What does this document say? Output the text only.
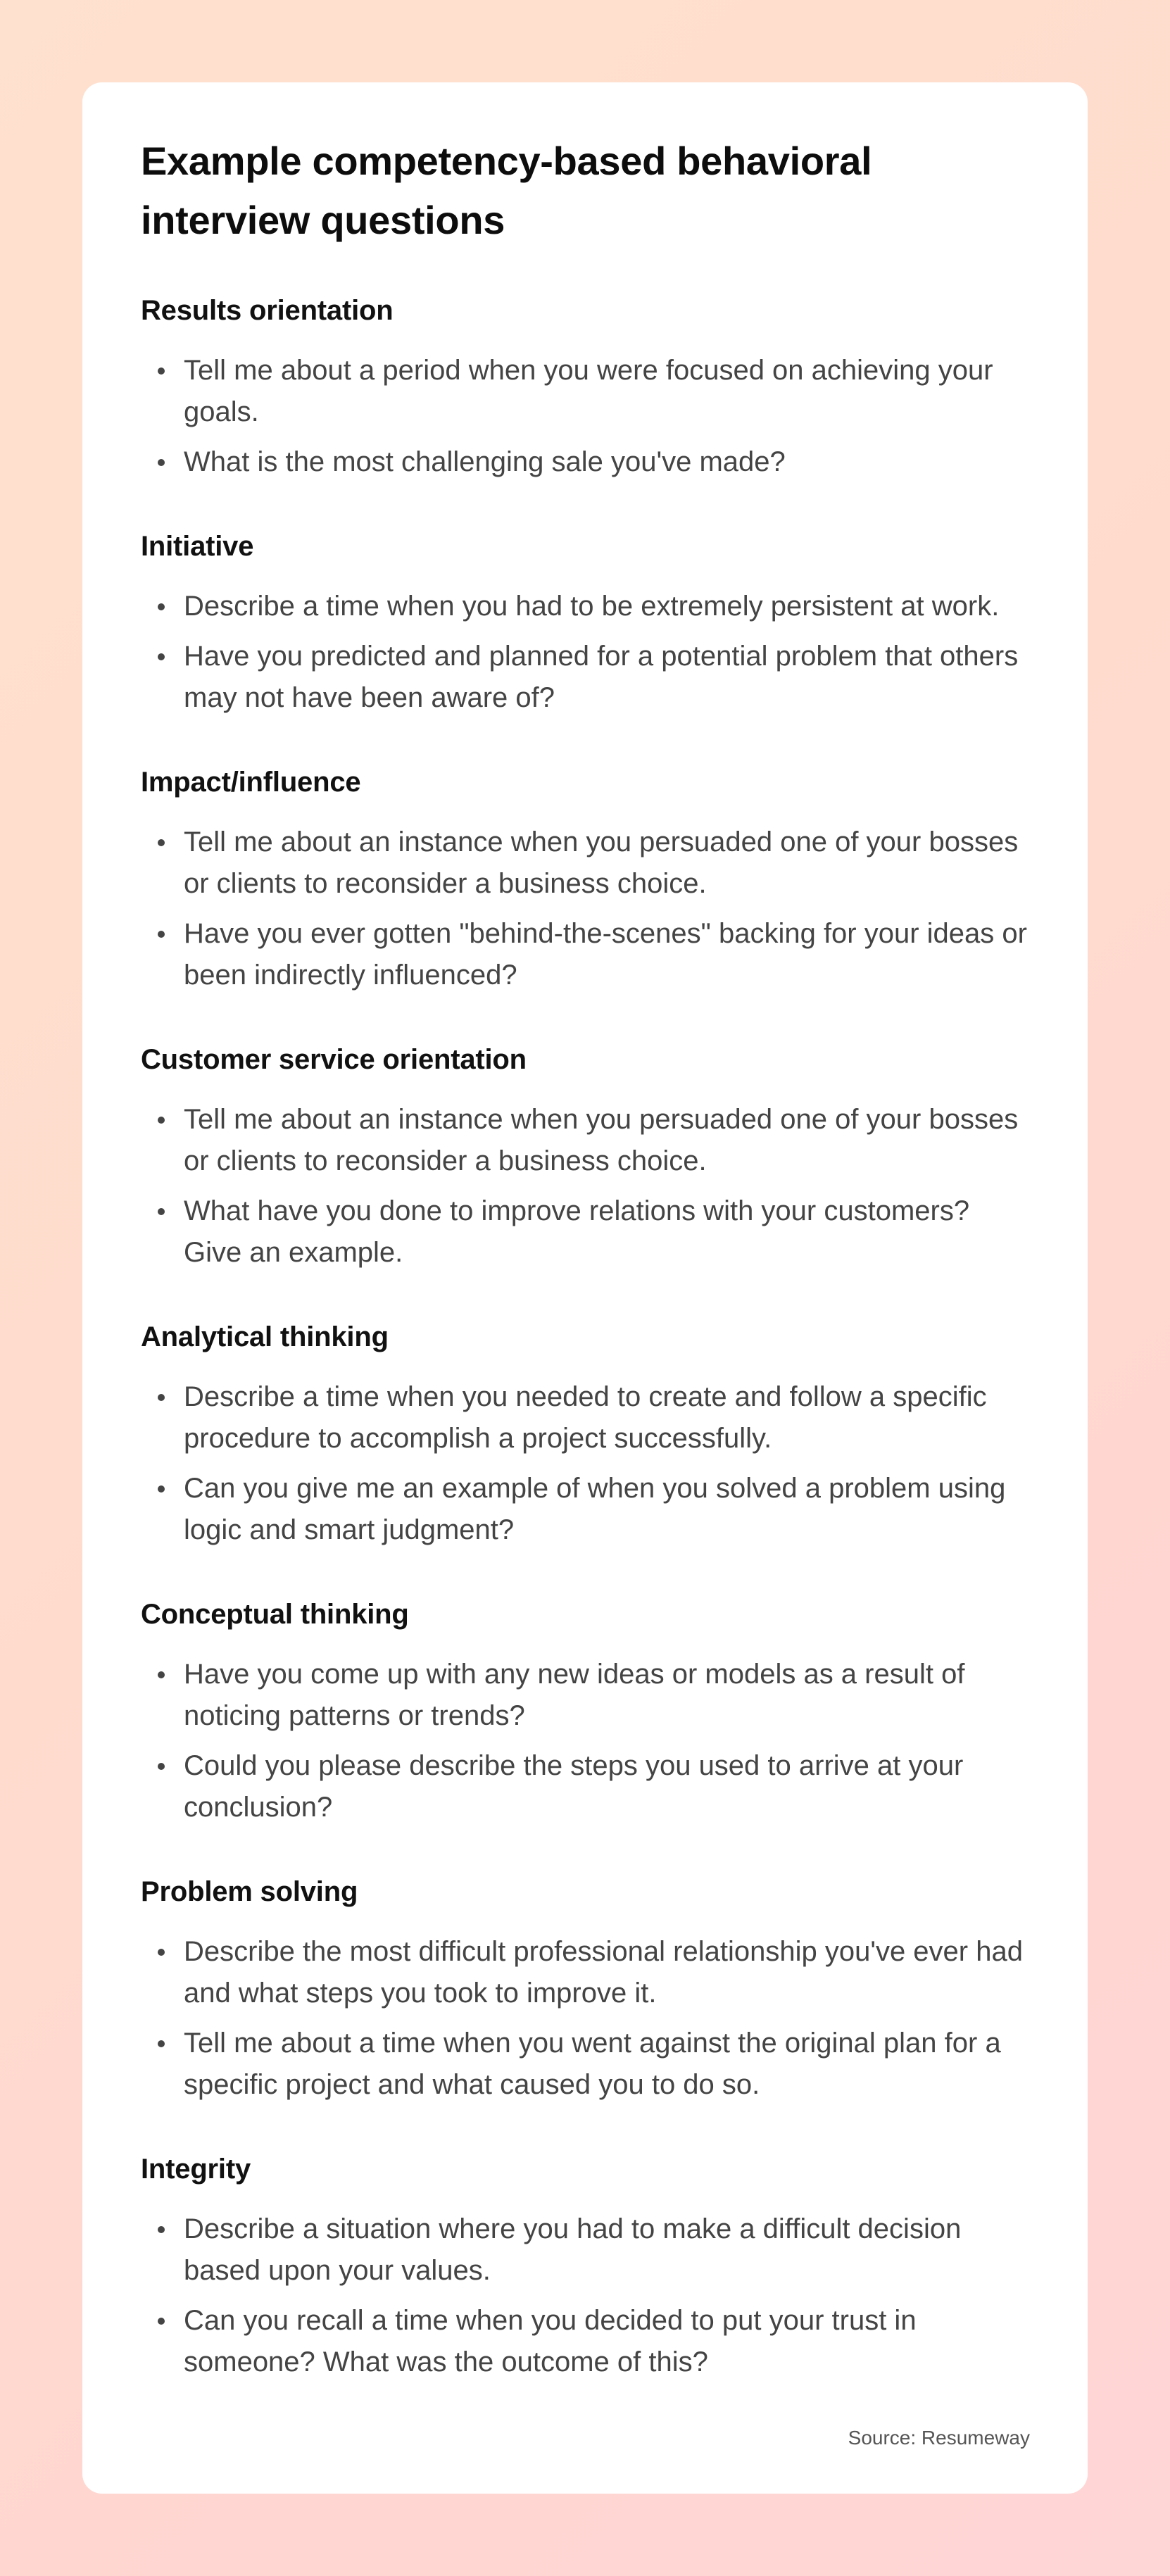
Example competency-based behavioral interview questions
Results orientation
Tell me about a period when you were focused on achieving your goals.
What is the most challenging sale you've made?
Initiative
Describe a time when you had to be extremely persistent at work.
Have you predicted and planned for a potential problem that others may not have been aware of?
Impact/influence
Tell me about an instance when you persuaded one of your bosses or clients to reconsider a business choice.
Have you ever gotten "behind-the-scenes" backing for your ideas or been indirectly influenced?
Customer service orientation
Tell me about an instance when you persuaded one of your bosses or clients to reconsider a business choice.
What have you done to improve relations with your customers? Give an example.
Analytical thinking
Describe a time when you needed to create and follow a specific procedure to accomplish a project successfully.
Can you give me an example of when you solved a problem using logic and smart judgment?
Conceptual thinking
Have you come up with any new ideas or models as a result of noticing patterns or trends?
Could you please describe the steps you used to arrive at your conclusion?
Problem solving
Describe the most difficult professional relationship you've ever had and what steps you took to improve it.
Tell me about a time when you went against the original plan for a specific project and what caused you to do so.
Integrity
Describe a situation where you had to make a difficult decision based upon your values.
Can you recall a time when you decided to put your trust in someone? What was the outcome of this?
Source: Resumeway
